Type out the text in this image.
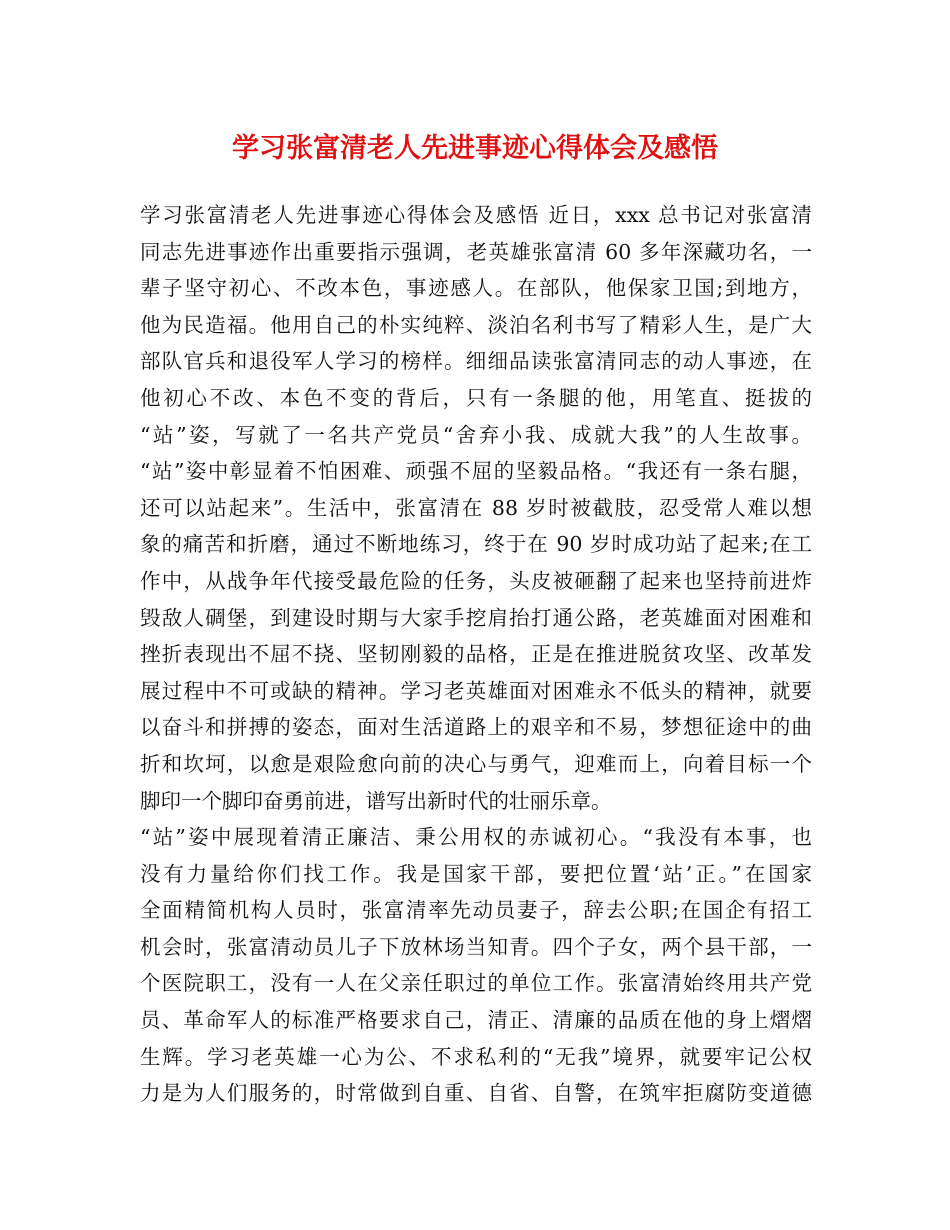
学习张富清老人先进事迹心得体会及感悟
学习张富清老人先进事迹心得体会及感悟 近日，xxx 总书记对张富清
同志先进事迹作出重要指示强调，老英雄张富清 60 多年深藏功名，一
辈子坚守初心、不改本色，事迹感人。在部队，他保家卫国;到地方，
他为民造福。他用自己的朴实纯粹、淡泊名利书写了精彩人生，是广大
部队官兵和退役军人学习的榜样。细细品读张富清同志的动人事迹，在
他初心不改、本色不变的背后，只有一条腿的他，用笔直、挺拔的
“站”姿，写就了一名共产党员“舍弃小我、成就大我”的人生故事。
“站”姿中彰显着不怕困难、顽强不屈的坚毅品格。“我还有一条右腿，
还可以站起来”。生活中，张富清在 88 岁时被截肢，忍受常人难以想
象的痛苦和折磨，通过不断地练习，终于在 90 岁时成功站了起来;在工
作中，从战争年代接受最危险的任务，头皮被砸翻了起来也坚持前进炸
毁敌人碉堡，到建设时期与大家手挖肩抬打通公路，老英雄面对困难和
挫折表现出不屈不挠、坚韧刚毅的品格，正是在推进脱贫攻坚、改革发
展过程中不可或缺的精神。学习老英雄面对困难永不低头的精神，就要
以奋斗和拼搏的姿态，面对生活道路上的艰辛和不易，梦想征途中的曲
折和坎坷，以愈是艰险愈向前的决心与勇气，迎难而上，向着目标一个
脚印一个脚印奋勇前进，谱写出新时代的壮丽乐章。
“站”姿中展现着清正廉洁、秉公用权的赤诚初心。“我没有本事，也
没有力量给你们找工作。我是国家干部，要把位置‘站’正。”在国家
全面精简机构人员时，张富清率先动员妻子，辞去公职;在国企有招工
机会时，张富清动员儿子下放林场当知青。四个子女，两个县干部，一
个医院职工，没有一人在父亲任职过的单位工作。张富清始终用共产党
员、革命军人的标准严格要求自己，清正、清廉的品质在他的身上熠熠
生辉。学习老英雄一心为公、不求私利的“无我”境界，就要牢记公权
力是为人们服务的，时常做到自重、自省、自警，在筑牢拒腐防变道德
